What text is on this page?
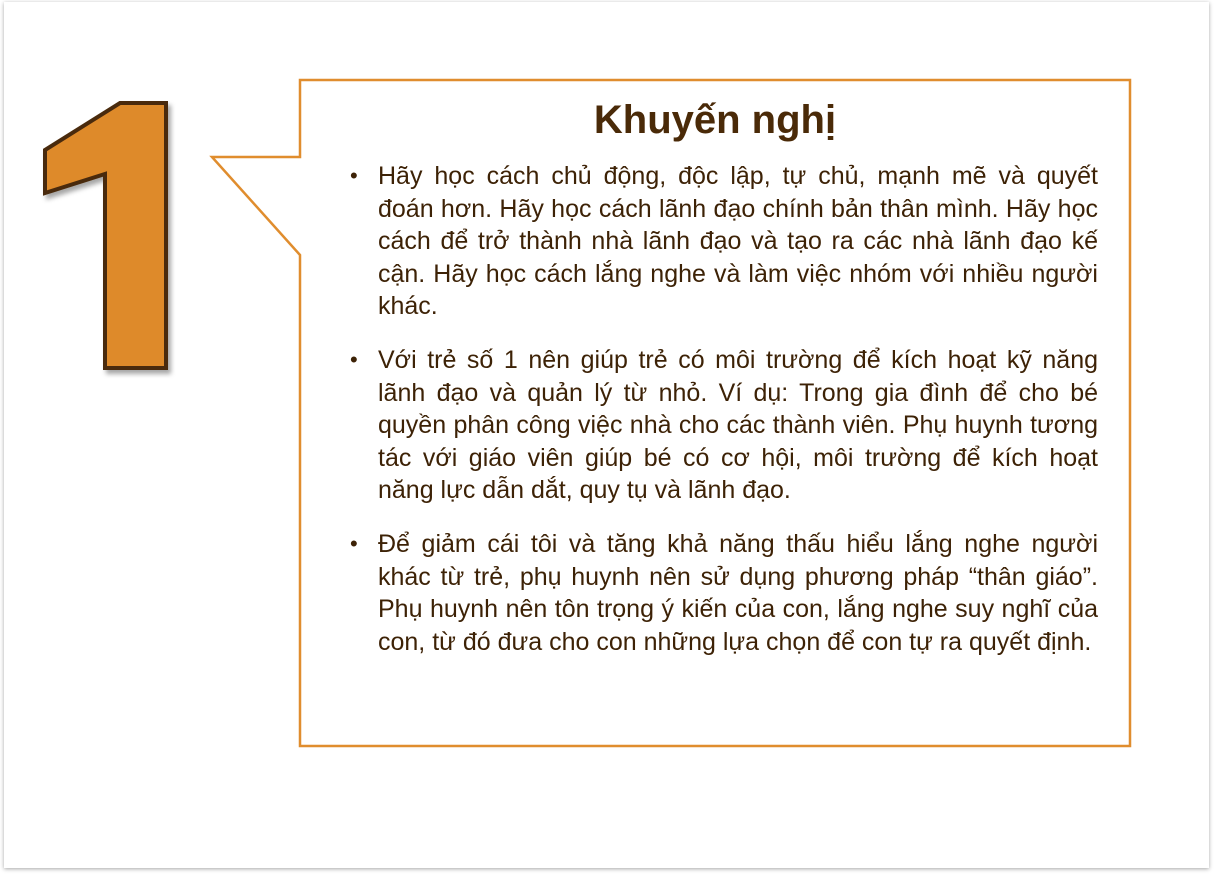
Khuyến nghị
• Hãy học cách chủ động, độc lập, tự chủ, mạnh mẽ và quyết đoán hơn. Hãy học cách lãnh đạo chính bản thân mình. Hãy học cách để trở thành nhà lãnh đạo và tạo ra các nhà lãnh đạo kế cận. Hãy học cách lắng nghe và làm việc nhóm với nhiều người khác.
• Với trẻ số 1 nên giúp trẻ có môi trường để kích hoạt kỹ năng lãnh đạo và quản lý từ nhỏ. Ví dụ: Trong gia đình để cho bé quyền phân công việc nhà cho các thành viên. Phụ huynh tương tác với giáo viên giúp bé có cơ hội, môi trường để kích hoạt năng lực dẫn dắt, quy tụ và lãnh đạo.
• Để giảm cái tôi và tăng khả năng thấu hiểu lắng nghe người khác từ trẻ, phụ huynh nên sử dụng phương pháp “thân giáo”. Phụ huynh nên tôn trọng ý kiến của con, lắng nghe suy nghĩ của con, từ đó đưa cho con những lựa chọn để con tự ra quyết định.
